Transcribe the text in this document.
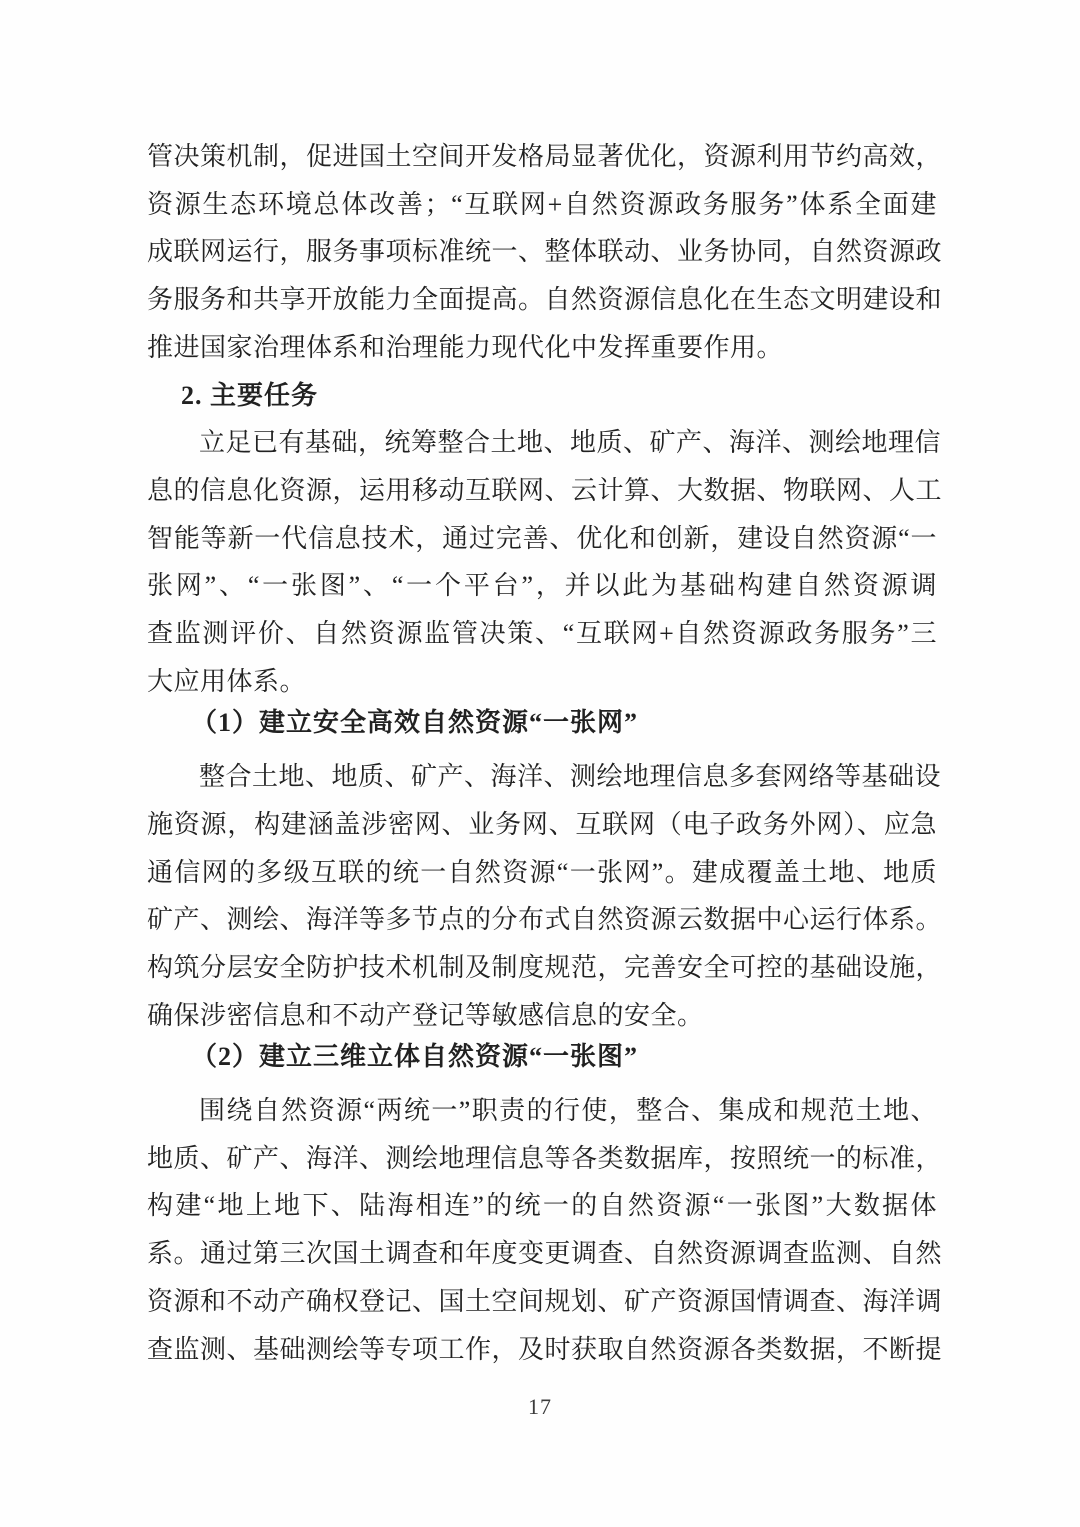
管决策机制，促进国土空间开发格局显著优化，资源利用节约高效，
资源生态环境总体改善；“互联网+自然资源政务服务”体系全面建
成联网运行，服务事项标准统一、整体联动、业务协同，自然资源政
务服务和共享开放能力全面提高。自然资源信息化在生态文明建设和
推进国家治理体系和治理能力现代化中发挥重要作用。
2. 主要任务
立足已有基础，统筹整合土地、地质、矿产、海洋、测绘地理信
息的信息化资源，运用移动互联网、云计算、大数据、物联网、人工
智能等新一代信息技术，通过完善、优化和创新，建设自然资源“一
张网”、“一张图”、“一个平台”，并以此为基础构建自然资源调
查监测评价、自然资源监管决策、“互联网+自然资源政务服务”三
大应用体系。
（1）建立安全高效自然资源“一张网”
整合土地、地质、矿产、海洋、测绘地理信息多套网络等基础设
施资源，构建涵盖涉密网、业务网、互联网（电子政务外网）、应急
通信网的多级互联的统一自然资源“一张网”。建成覆盖土地、地质
矿产、测绘、海洋等多节点的分布式自然资源云数据中心运行体系。
构筑分层安全防护技术机制及制度规范，完善安全可控的基础设施，
确保涉密信息和不动产登记等敏感信息的安全。
（2）建立三维立体自然资源“一张图”
围绕自然资源“两统一”职责的行使，整合、集成和规范土地、
地质、矿产、海洋、测绘地理信息等各类数据库，按照统一的标准，
构建“地上地下、陆海相连”的统一的自然资源“一张图”大数据体
系。通过第三次国土调查和年度变更调查、自然资源调查监测、自然
资源和不动产确权登记、国土空间规划、矿产资源国情调查、海洋调
查监测、基础测绘等专项工作，及时获取自然资源各类数据，不断提
17
